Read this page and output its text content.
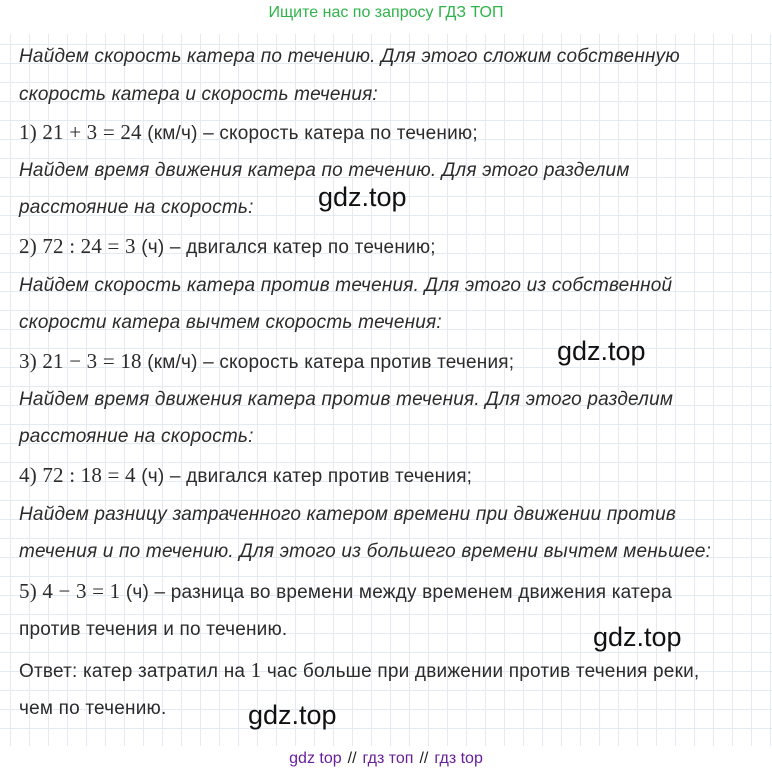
Ищите нас по запросу ГДЗ ТОП
Найдем скорость катера по течению. Для этого сложим собственную
скорость катера и скорость течения:
1) 21 + 3 = 24 (км/ч) – скорость катера по течению;
Найдем время движения катера по течению. Для этого разделим
расстояние на скорость:
2) 72 : 24 = 3 (ч) – двигался катер по течению;
Найдем скорость катера против течения. Для этого из собственной
скорости катера вычтем скорость течения:
3) 21 − 3 = 18 (км/ч) – скорость катера против течения;
Найдем время движения катера против течения. Для этого разделим
расстояние на скорость:
4) 72 : 18 = 4 (ч) – двигался катер против течения;
Найдем разницу затраченного катером времени при движении против
течения и по течению. Для этого из большего времени вычтем меньшее:
5) 4 − 3 = 1 (ч) – разница во времени между временем движения катера
против течения и по течению.
Ответ: катер затратил на 1 час больше при движении против течения реки,
чем по течению.
gdz.top
gdz.top
gdz.top
gdz.top
gdz top // гдз топ // гдз top
